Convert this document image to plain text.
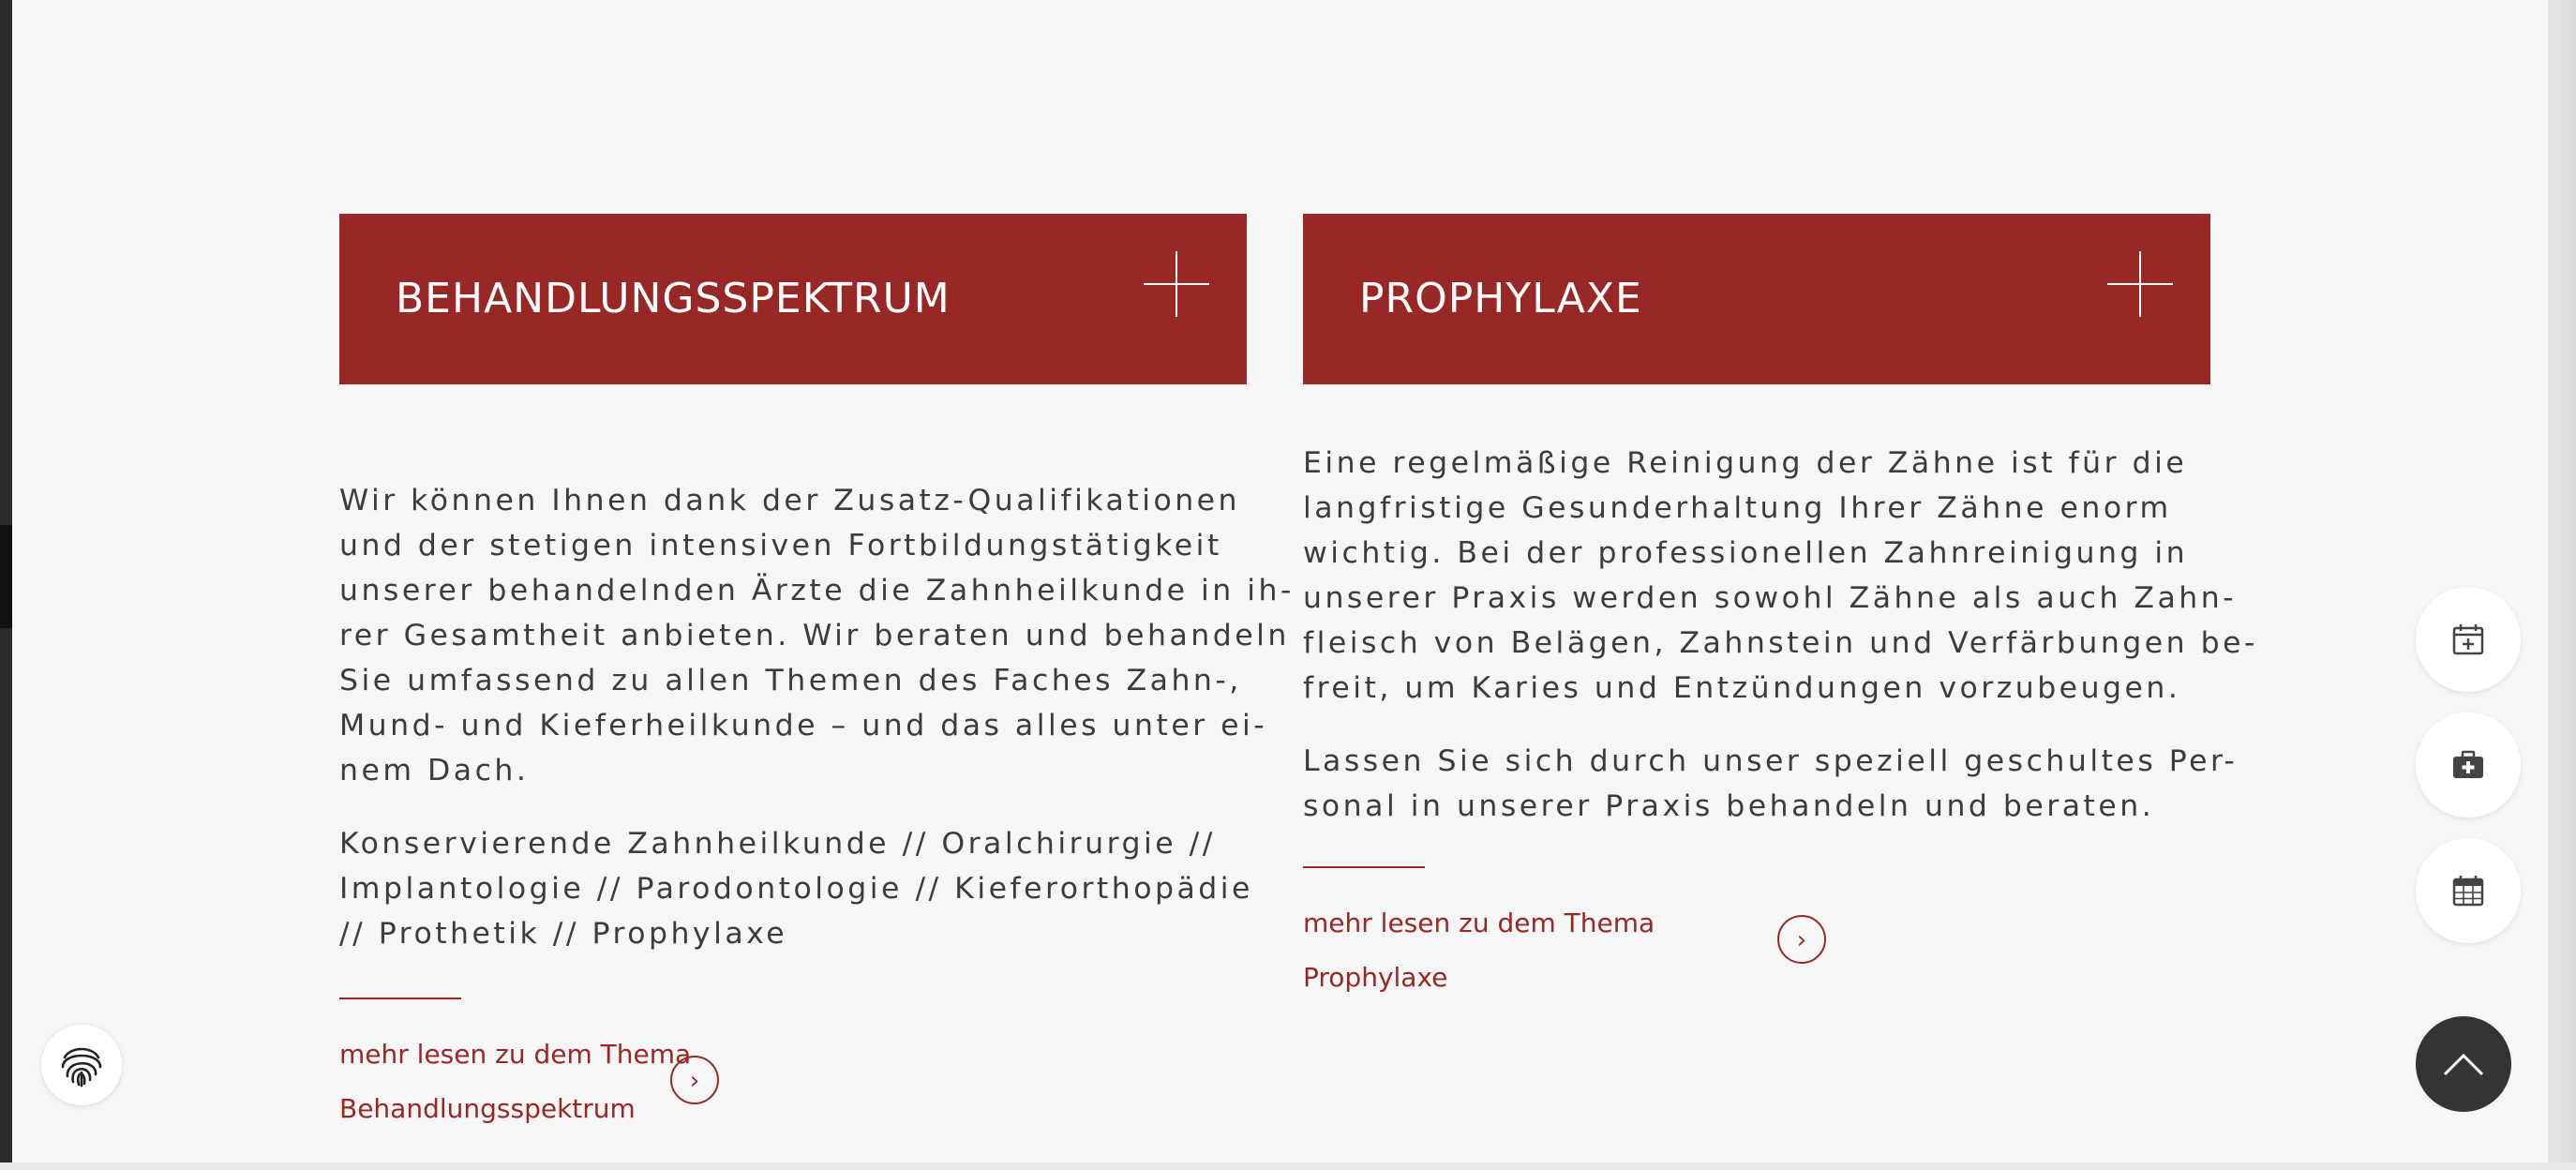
BEHANDLUNGSSPEKTRUM

Wir können Ihnen dank der Zusatz-Qualifikationen
und der stetigen intensiven Fortbildungstätigkeit
unserer behandelnden Ärzte die Zahnheilkunde in ih-
rer Gesamtheit anbieten. Wir beraten und behandeln
Sie umfassend zu allen Themen des Faches Zahn-,
Mund- und Kieferheilkunde – und das alles unter ei-
nem Dach.

Konservierende Zahnheilkunde // Oralchirurgie //
Implantologie // Parodontologie // Kieferorthopädie
// Prothetik // Prophylaxe

mehr lesen zu dem Thema
Behandlungsspektrum
›
PROPHYLAXE

Eine regelmäßige Reinigung der Zähne ist für die
langfristige Gesunderhaltung Ihrer Zähne enorm
wichtig. Bei der professionellen Zahnreinigung in
unserer Praxis werden sowohl Zähne als auch Zahn-
fleisch von Belägen, Zahnstein und Verfärbungen be-
freit, um Karies und Entzündungen vorzubeugen.

Lassen Sie sich durch unser speziell geschultes Per-
sonal in unserer Praxis behandeln und beraten.

mehr lesen zu dem Thema
Prophylaxe
›
